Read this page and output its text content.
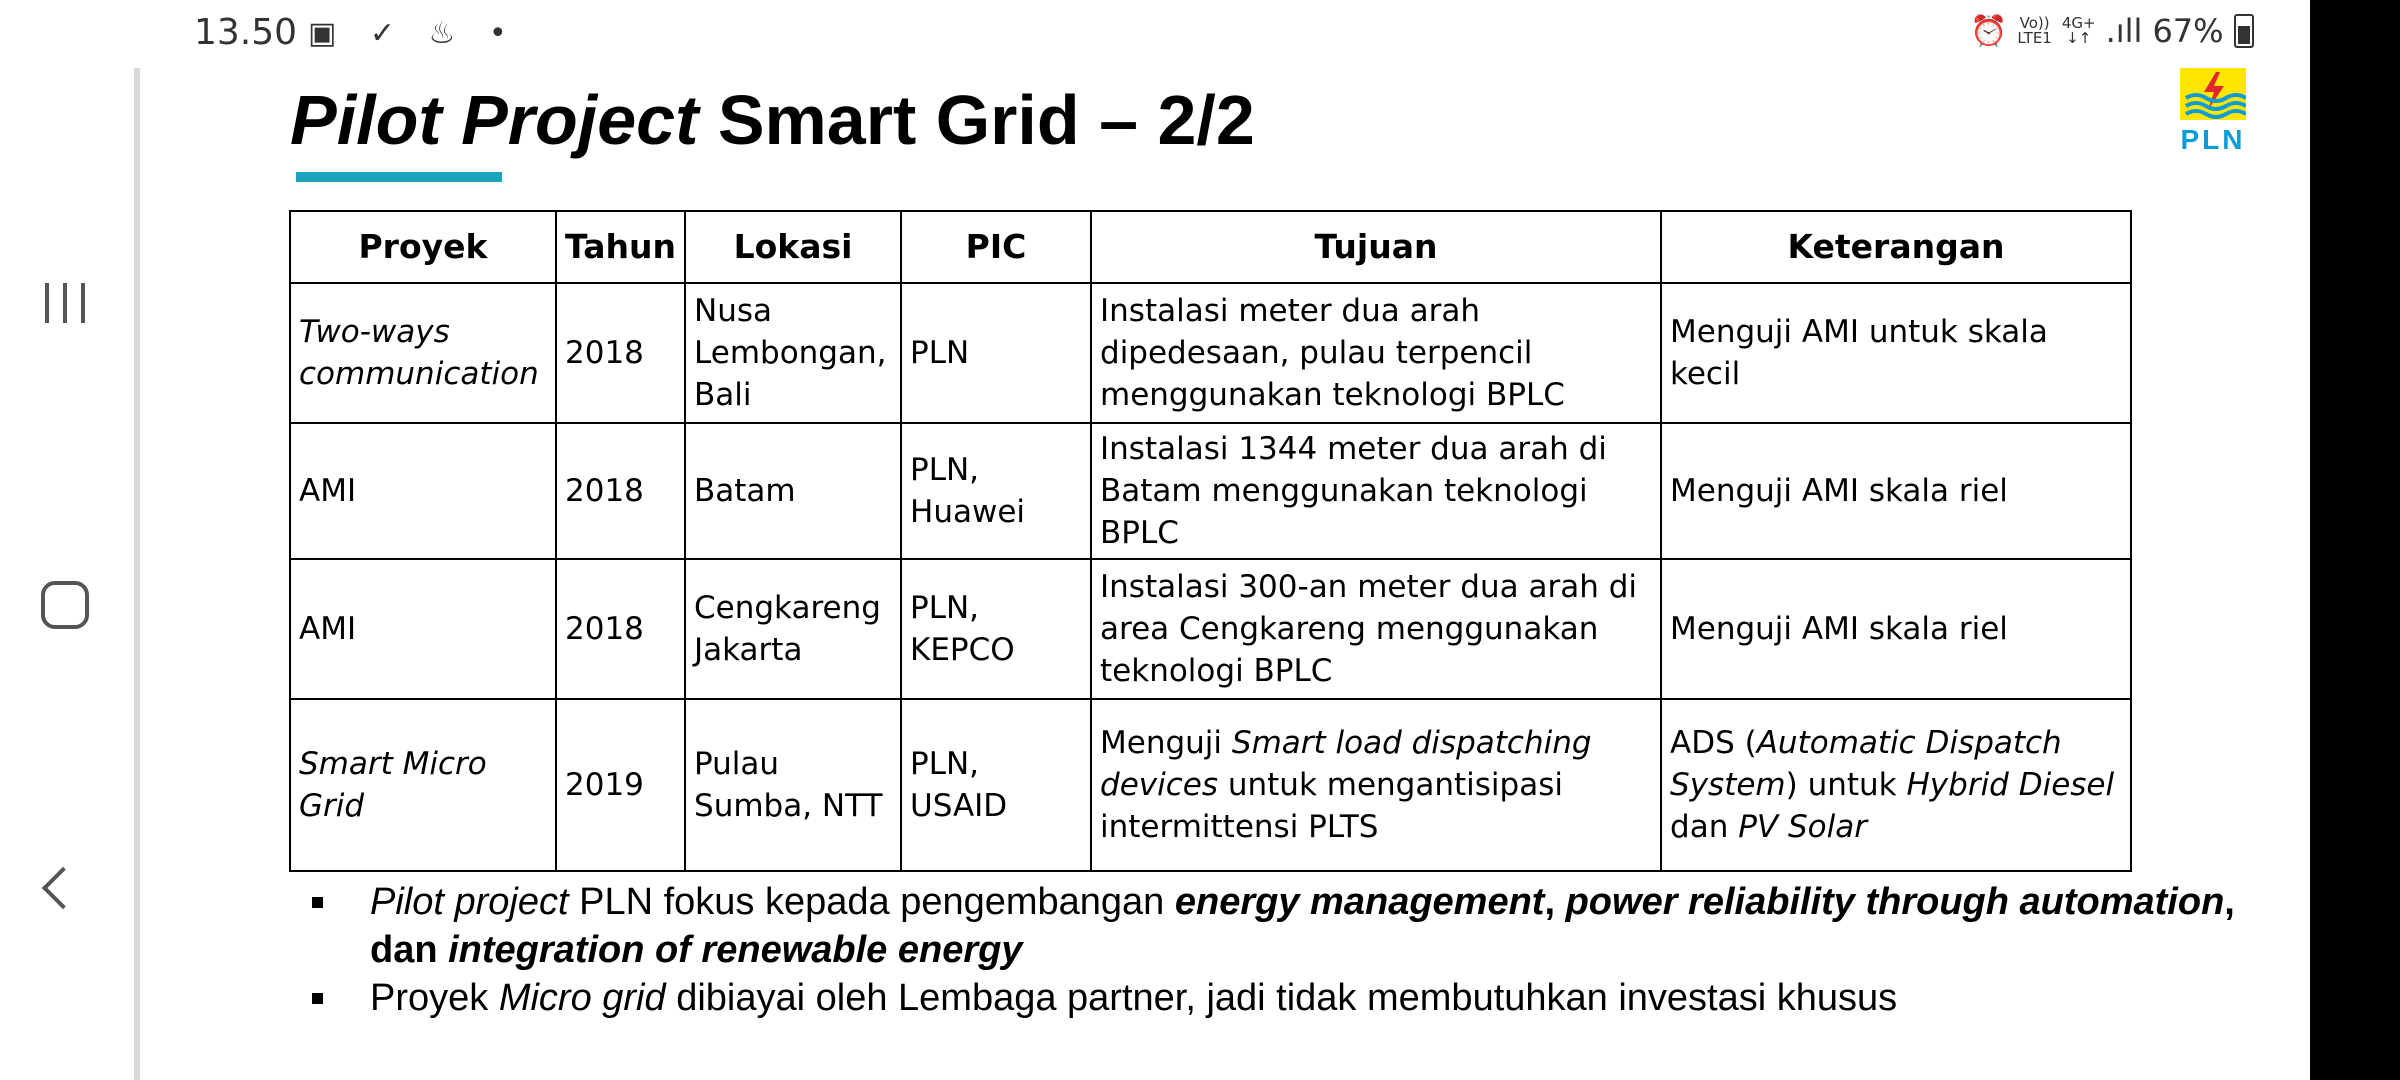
13.50 ▣ ✓ ♨ •	⏰ Vo))
LTE1
4G+
↓↑ .ıll 67%
Pilot Project Smart Grid – 2/2	PLN
Proyek	Tahun	Lokasi	PIC	Tujuan	Keterangan
Two-ways communication	2018	Nusa Lembongan, Bali	PLN	Instalasi meter dua arah dipedesaan, pulau terpencil menggunakan teknologi BPLC	Menguji AMI untuk skala kecil
AMI	2018	Batam	PLN, Huawei	Instalasi 1344 meter dua arah di Batam menggunakan teknologi BPLC	Menguji AMI skala riel
AMI	2018	Cengkareng Jakarta	PLN, KEPCO	Instalasi 300-an meter dua arah di area Cengkareng menggunakan teknologi BPLC	Menguji AMI skala riel
Smart Micro Grid	2019	Pulau Sumba, NTT	PLN, USAID	Menguji Smart load dispatching devices untuk mengantisipasi intermittensi PLTS	ADS (Automatic Dispatch System) untuk Hybrid Diesel dan PV Solar
Pilot project PLN fokus kepada pengembangan energy management, power reliability through automation, dan integration of renewable energy
Proyek Micro grid dibiayai oleh Lembaga partner, jadi tidak membutuhkan investasi khusus
